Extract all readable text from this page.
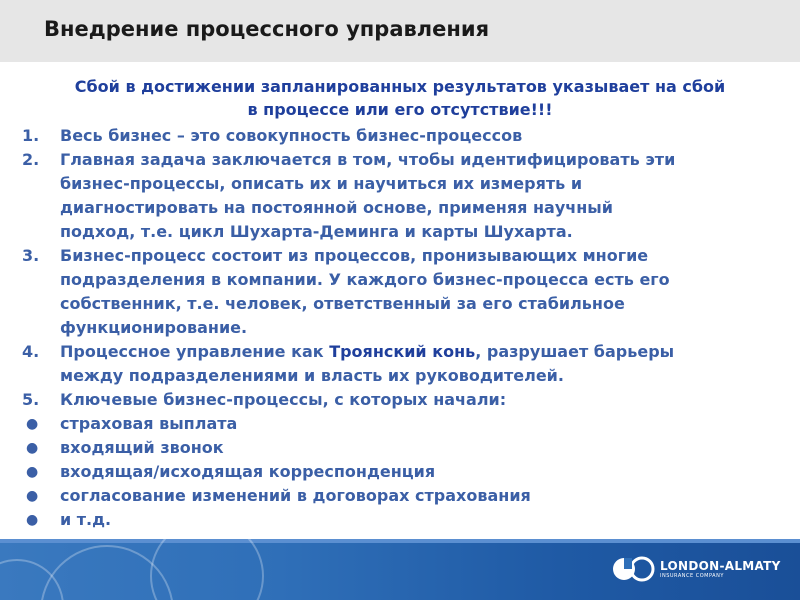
Внедрение процессного управления
Сбой в достижении запланированных результатов указывает на сбой
в процессе или его отсутствие!!!
1. Весь бизнес – это совокупность бизнес-процессов
2. Главная задача заключается в том, чтобы идентифицировать эти
бизнес-процессы, описать их и научиться их измерять и
диагностировать на постоянной основе, применяя научный
подход, т.е. цикл Шухарта-Деминга и карты Шухарта.
3. Бизнес-процесс состоит из процессов, пронизывающих многие
подразделения в компании. У каждого бизнес-процесса есть его
собственник, т.е. человек, ответственный за его стабильное
функционирование.
4. Процессное управление как Троянский конь, разрушает барьеры
между подразделениями и власть их руководителей.
5. Ключевые бизнес-процессы, с которых начали:
● страховая выплата
● входящий звонок
● входящая/исходящая корреспонденция
● согласование изменений в договорах страхования
● и т.д.
LONDON-ALMATY
INSURANCE COMPANY
